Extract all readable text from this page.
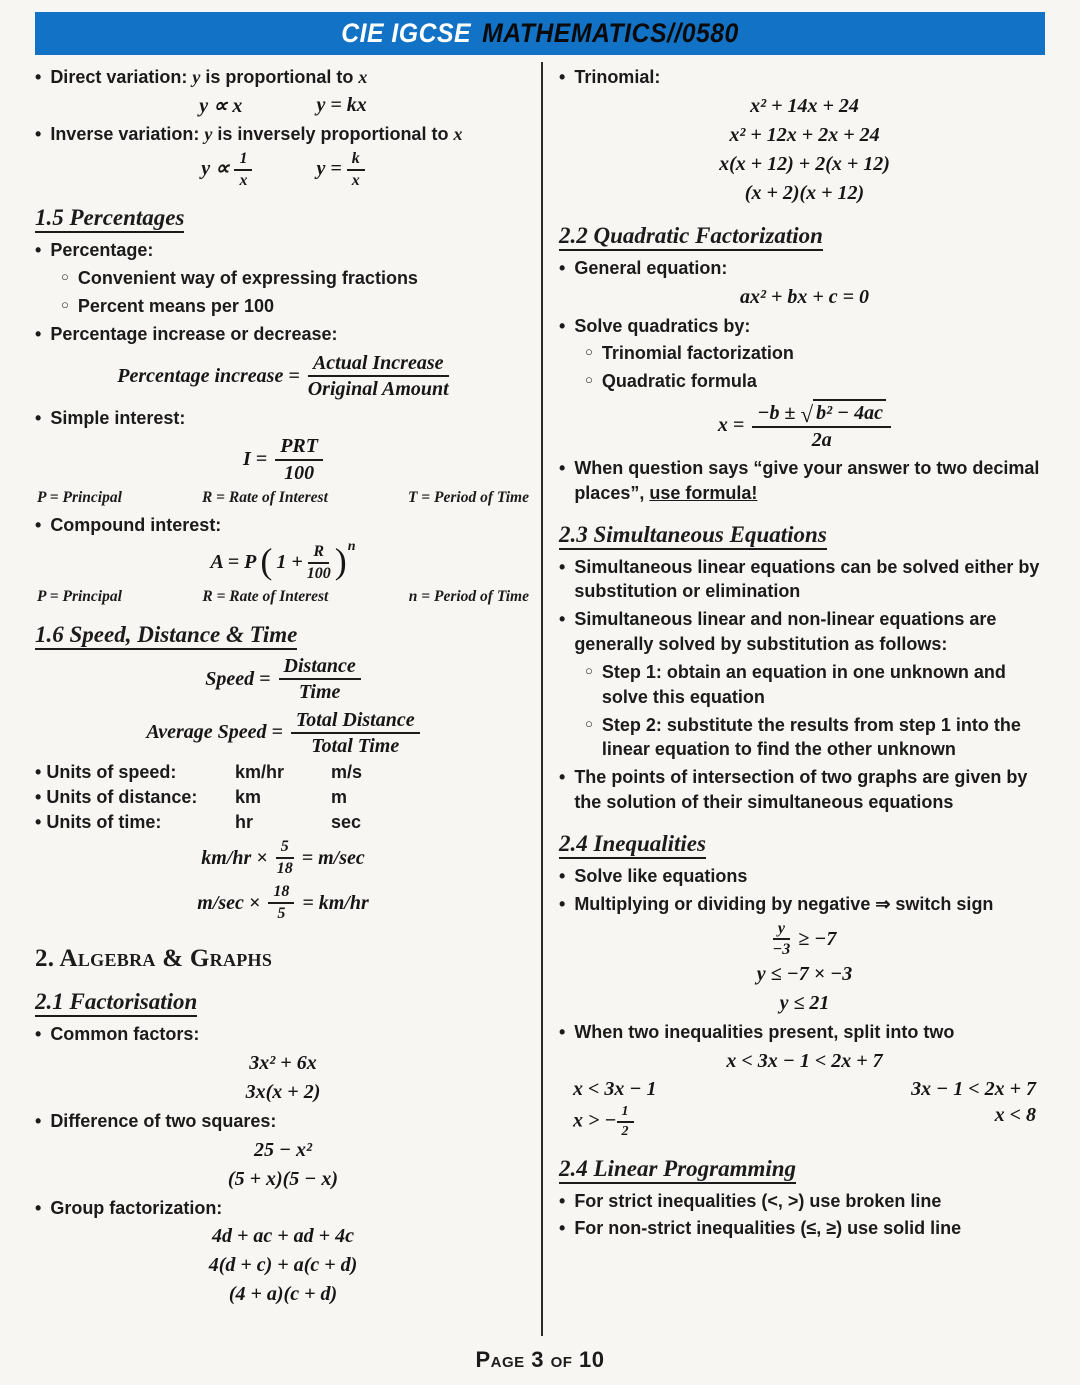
CIE IGCSE MATHEMATICS//0580
• Direct variation: y is proportional to x
y ∝ x	y = kx
• Inverse variation: y is inversely proportional to x
$y \propto \frac{1}{x}$	$y = \frac{k}{x}$
1.5 Percentages
• Percentage:
○ Convenient way of expressing fractions
○ Percent means per 100
• Percentage increase or decrease:
Percentage increase = $\frac{\text{Actual Increase}}{\text{Original Amount}}$
• Simple interest:
$I = \frac{\text{PRT}}{100}$
P = Principal	R = Rate of Interest	T = Period of Time
• Compound interest:
A = P ( $1 + \frac{R}{100}$ ) n
P = Principal	R = Rate of Interest	n = Period of Time
1.6 Speed, Distance & Time
Speed = $\frac{\text{Distance}}{\text{Time}}$
Average Speed = $\frac{\text{Total Distance}}{\text{Total Time}}$
• Units of speed:	km/hr	m/s
• Units of distance:	km	m
• Units of time:	hr	sec
$km/hr \times \frac{5}{18} = m/\sec$
$m/\sec \times \frac{18}{5} = km/hr$
2. Algebra & Graphs
2.1 Factorisation
• Common factors:
3x² + 6x
3x(x + 2)
• Difference of two squares:
25 − x²
(5 + x)(5 − x)
• Group factorization:
4d + ac + ad + 4c
4(d + c) + a(c + d)
(4 + a)(c + d)
• Trinomial:
x² + 14x + 24
x² + 12x + 2x + 24
x(x + 12) + 2(x + 12)
(x + 2)(x + 12)
2.2 Quadratic Factorization
• General equation:
ax² + bx + c = 0
• Solve quadratics by:
○ Trinomial factorization
○ Quadratic formula
x = −b ±
√ b² − 4ac
2a
• When question says “give your answer to two decimal places”, use formula!
2.3 Simultaneous Equations
• Simultaneous linear equations can be solved either by substitution or elimination
• Simultaneous linear and non-linear equations are generally solved by substitution as follows:
○ Step 1: obtain an equation in one unknown and solve this equation
○ Step 2: substitute the results from step 1 into the linear equation to find the other unknown
• The points of intersection of two graphs are given by the solution of their simultaneous equations
2.4 Inequalities
• Solve like equations
• Multiplying or dividing by negative ⇒ switch sign
$\frac{y}{-3} \ge -7$
y ≤ −7 × −3
y ≤ 21
• When two inequalities present, split into two
x < 3x − 1 < 2x + 7
x < 3x − 1	3x − 1 < 2x + 7
x > − $\frac{1}{2}$	x < 8
2.4 Linear Programming
• For strict inequalities (<, >) use broken line
• For non-strict inequalities (≤, ≥) use solid line
Page 3 of 10
